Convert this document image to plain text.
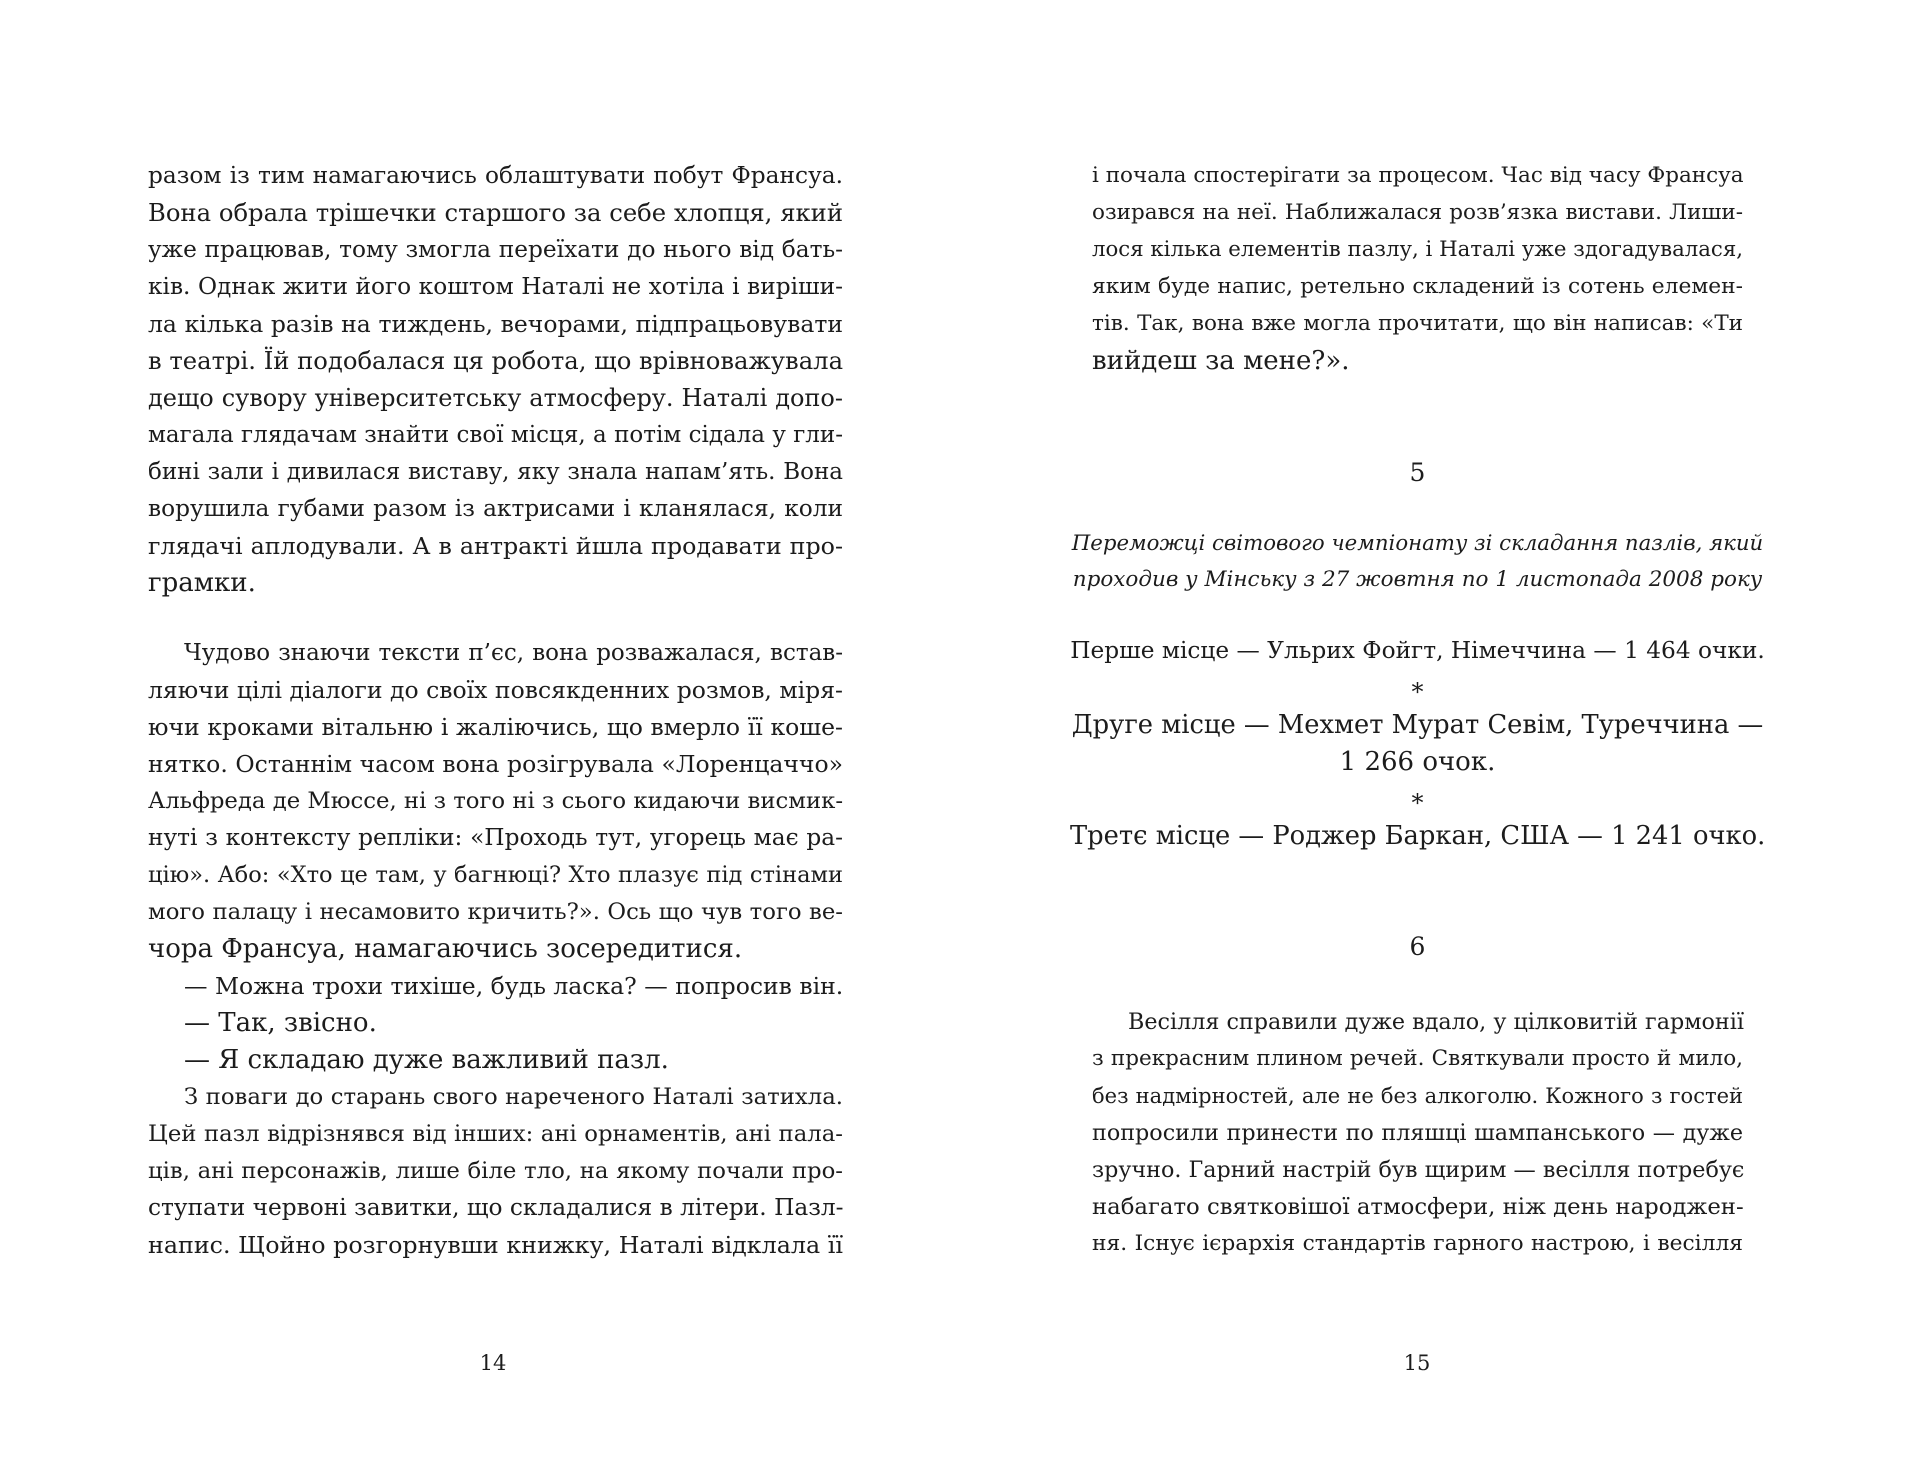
разом із тим намагаючись облаштувати побут Франсуа.
Вона обрала трішечки старшого за себе хлопця, який
уже працював, тому змогла переїхати до нього від бать-
ків. Однак жити його коштом Наталі не хотіла і виріши-
ла кілька разів на тиждень, вечорами, підпрацьовувати
в театрі. Їй подобалася ця робота, що врівноважувала
дещо сувору університетську атмосферу. Наталі допо-
магала глядачам знайти свої місця, а потім сідала у гли-
бині зали і дивилася виставу, яку знала напам’ять. Вона
ворушила губами разом із актрисами і кланялася, коли
глядачі аплодували. А в антракті йшла продавати про-
грамки.
Чудово знаючи тексти п’єс, вона розважалася, встав-
ляючи цілі діалоги до своїх повсякденних розмов, міря-
ючи кроками вітальню і жаліючись, що вмерло її коше-
нятко. Останнім часом вона розігрувала «Лоренцаччо»
Альфреда де Мюссе, ні з того ні з сього кидаючи висмик-
нуті з контексту репліки: «Проходь тут, угорець має ра-
цію». Або: «Хто це там, у багнюці? Хто плазує під стінами
мого палацу і несамовито кричить?». Ось що чув того ве-
чора Франсуа, намагаючись зосередитися.
— Можна трохи тихіше, будь ласка? — попросив він.
— Так, звісно.
— Я складаю дуже важливий пазл.
З поваги до старань свого нареченого Наталі затихла.
Цей пазл відрізнявся від інших: ані орнаментів, ані пала-
ців, ані персонажів, лише біле тло, на якому почали про-
ступати червоні завитки, що складалися в літери. Пазл-
напис. Щойно розгорнувши книжку, Наталі відклала її
14
і почала спостерігати за процесом. Час від часу Франсуа
озирався на неї. Наближалася розв’язка вистави. Лиши-
лося кілька елементів пазлу, і Наталі уже здогадувалася,
яким буде напис, ретельно складений із сотень елемен-
тів. Так, вона вже могла прочитати, що він написав: «Ти
вийдеш за мене?».
5
Переможці світового чемпіонату зі складання пазлів, який
проходив у Мінську з 27 жовтня по 1 листопада 2008 року
Перше місце — Ульрих Фойгт, Німеччина — 1 464 очки.
*
Друге місце — Мехмет Мурат Севім, Туреччина —
1 266 очок.
*
Третє місце — Роджер Баркан, США — 1 241 очко.
6
Весілля справили дуже вдало, у цілковитій гармонії
з прекрасним плином речей. Святкували просто й мило,
без надмірностей, але не без алкоголю. Кожного з гостей
попросили принести по пляшці шампанського — дуже
зручно. Гарний настрій був щирим — весілля потребує
набагато святковішої атмосфери, ніж день народжен-
ня. Існує ієрархія стандартів гарного настрою, і весілля
15
